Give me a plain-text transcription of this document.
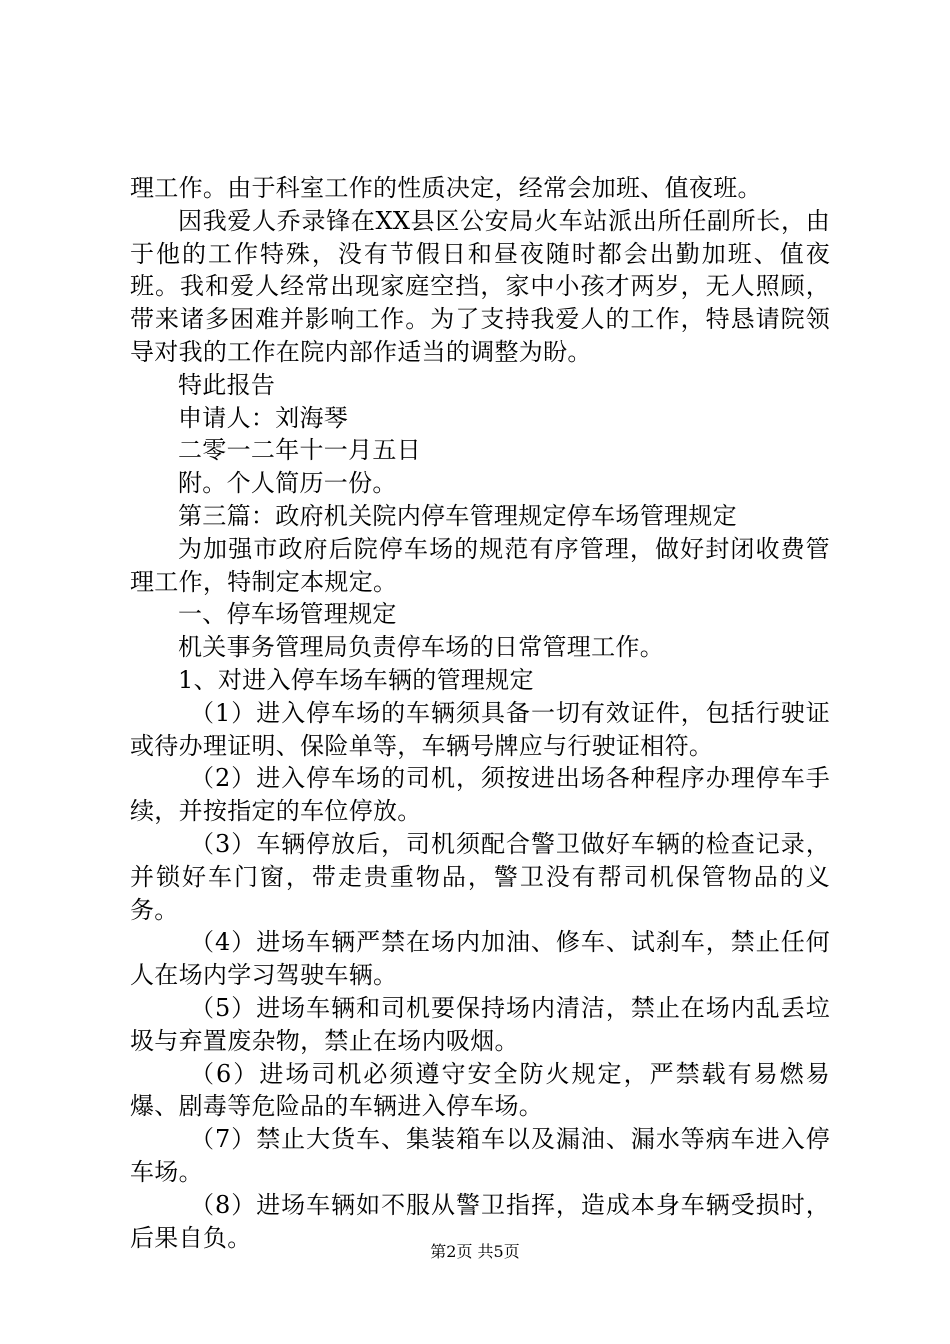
理工作。由于科室工作的性质决定，经常会加班、值夜班。

因我爱人乔录锋在XX县区公安局火车站派出所任副所长，由于他的工作特殊，没有节假日和昼夜随时都会出勤加班、值夜班。我和爱人经常出现家庭空挡，家中小孩才两岁，无人照顾，带来诸多困难并影响工作。为了支持我爱人的工作，特恳请院领导对我的工作在院内部作适当的调整为盼。

特此报告

申请人：刘海琴

二零一二年十一月五日

附。个人简历一份。

第三篇：政府机关院内停车管理规定停车场管理规定

为加强市政府后院停车场的规范有序管理，做好封闭收费管理工作，特制定本规定。

一、停车场管理规定

机关事务管理局负责停车场的日常管理工作。

1、对进入停车场车辆的管理规定

（1）进入停车场的车辆须具备一切有效证件，包括行驶证或待办理证明、保险单等，车辆号牌应与行驶证相符。

（2）进入停车场的司机，须按进出场各种程序办理停车手续，并按指定的车位停放。

（3）车辆停放后，司机须配合警卫做好车辆的检查记录，并锁好车门窗，带走贵重物品，警卫没有帮司机保管物品的义务。

（4）进场车辆严禁在场内加油、修车、试刹车，禁止任何人在场内学习驾驶车辆。

（5）进场车辆和司机要保持场内清洁，禁止在场内乱丢垃圾与弃置废杂物，禁止在场内吸烟。

（6）进场司机必须遵守安全防火规定，严禁载有易燃易爆、剧毒等危险品的车辆进入停车场。

（7）禁止大货车、集装箱车以及漏油、漏水等病车进入停车场。

（8）进场车辆如不服从警卫指挥，造成本身车辆受损时，后果自负。	第2页 共5页
